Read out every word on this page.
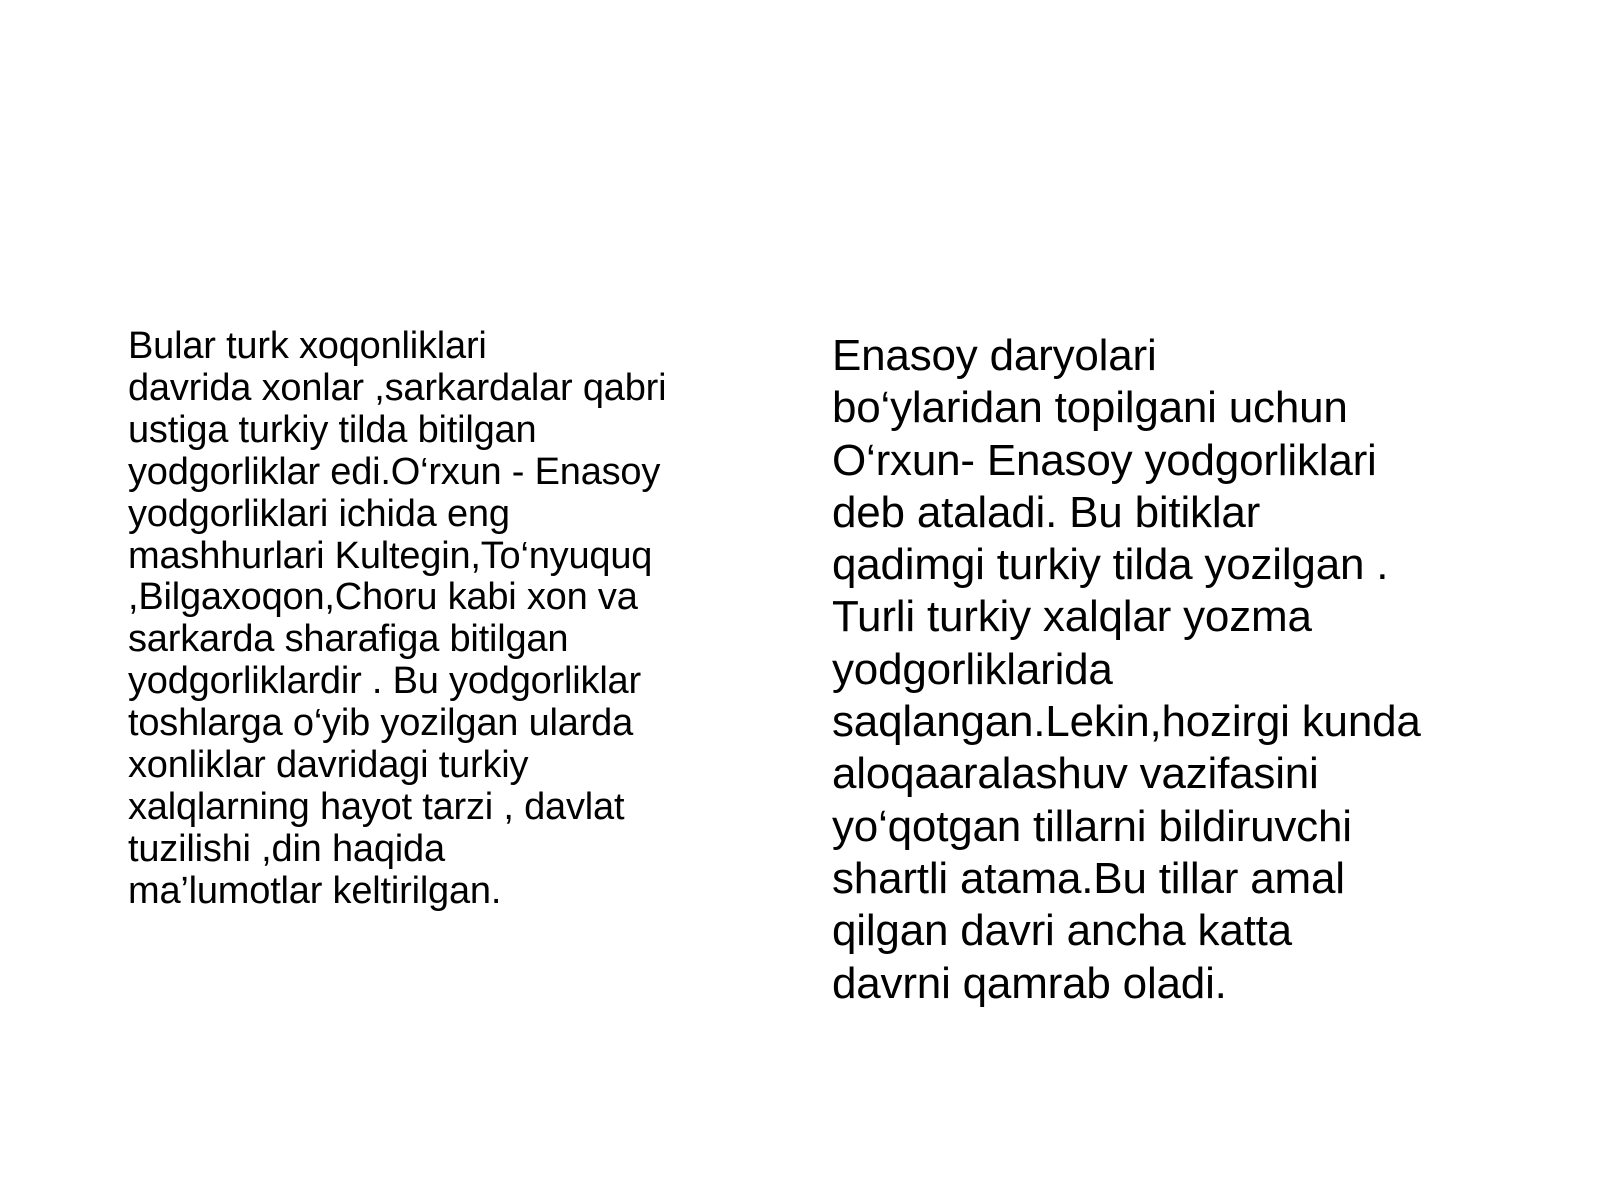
Bular turk xoqonliklari
davrida xonlar ,sarkardalar qabri
ustiga turkiy tilda bitilgan
yodgorliklar edi.O‘rxun - Enasoy
yodgorliklari ichida eng
mashhurlari Kultegin,To‘nyuquq
,Bilgaxoqon,Choru kabi xon va
sarkarda sharafiga bitilgan
yodgorliklardir . Bu yodgorliklar
toshlarga o‘yib yozilgan ularda
xonliklar davridagi turkiy
xalqlarning hayot tarzi , davlat
tuzilishi ,din haqida
ma’lumotlar keltirilgan.

Enasoy daryolari
bo‘ylaridan topilgani uchun
O‘rxun- Enasoy yodgorliklari
deb ataladi. Bu bitiklar
qadimgi turkiy tilda yozilgan .
Turli turkiy xalqlar yozma
yodgorliklarida
saqlangan.Lekin,hozirgi kunda
aloqaaralashuv vazifasini
yo‘qotgan tillarni bildiruvchi
shartli atama.Bu tillar amal
qilgan davri ancha katta
davrni qamrab oladi.
